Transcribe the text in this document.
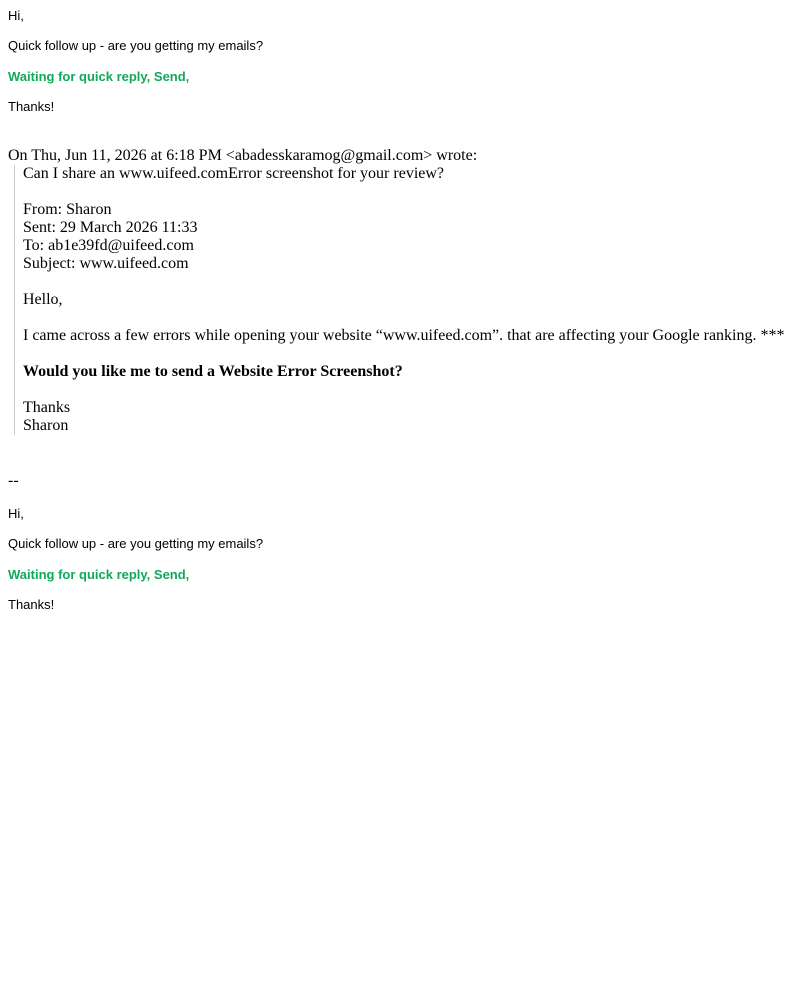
Hi,
Quick follow up - are you getting my emails?
Waiting for quick reply, Send,
Thanks!
On Thu, Jun 11, 2026 at 6:18 PM <abadesskaramog@gmail.com> wrote:
Can I share an www.uifeed.comError screenshot for your review?
From: Sharon
Sent: 29 March 2026 11:33
To: ab1e39fd@uifeed.com
Subject: www.uifeed.com
Hello,
I came across a few errors while opening your website “www.uifeed.com”. that are affecting your Google ranking. ***
Would you like me to send a Website Error Screenshot?
Thanks
Sharon
--
Hi,
Quick follow up - are you getting my emails?
Waiting for quick reply, Send,
Thanks!
